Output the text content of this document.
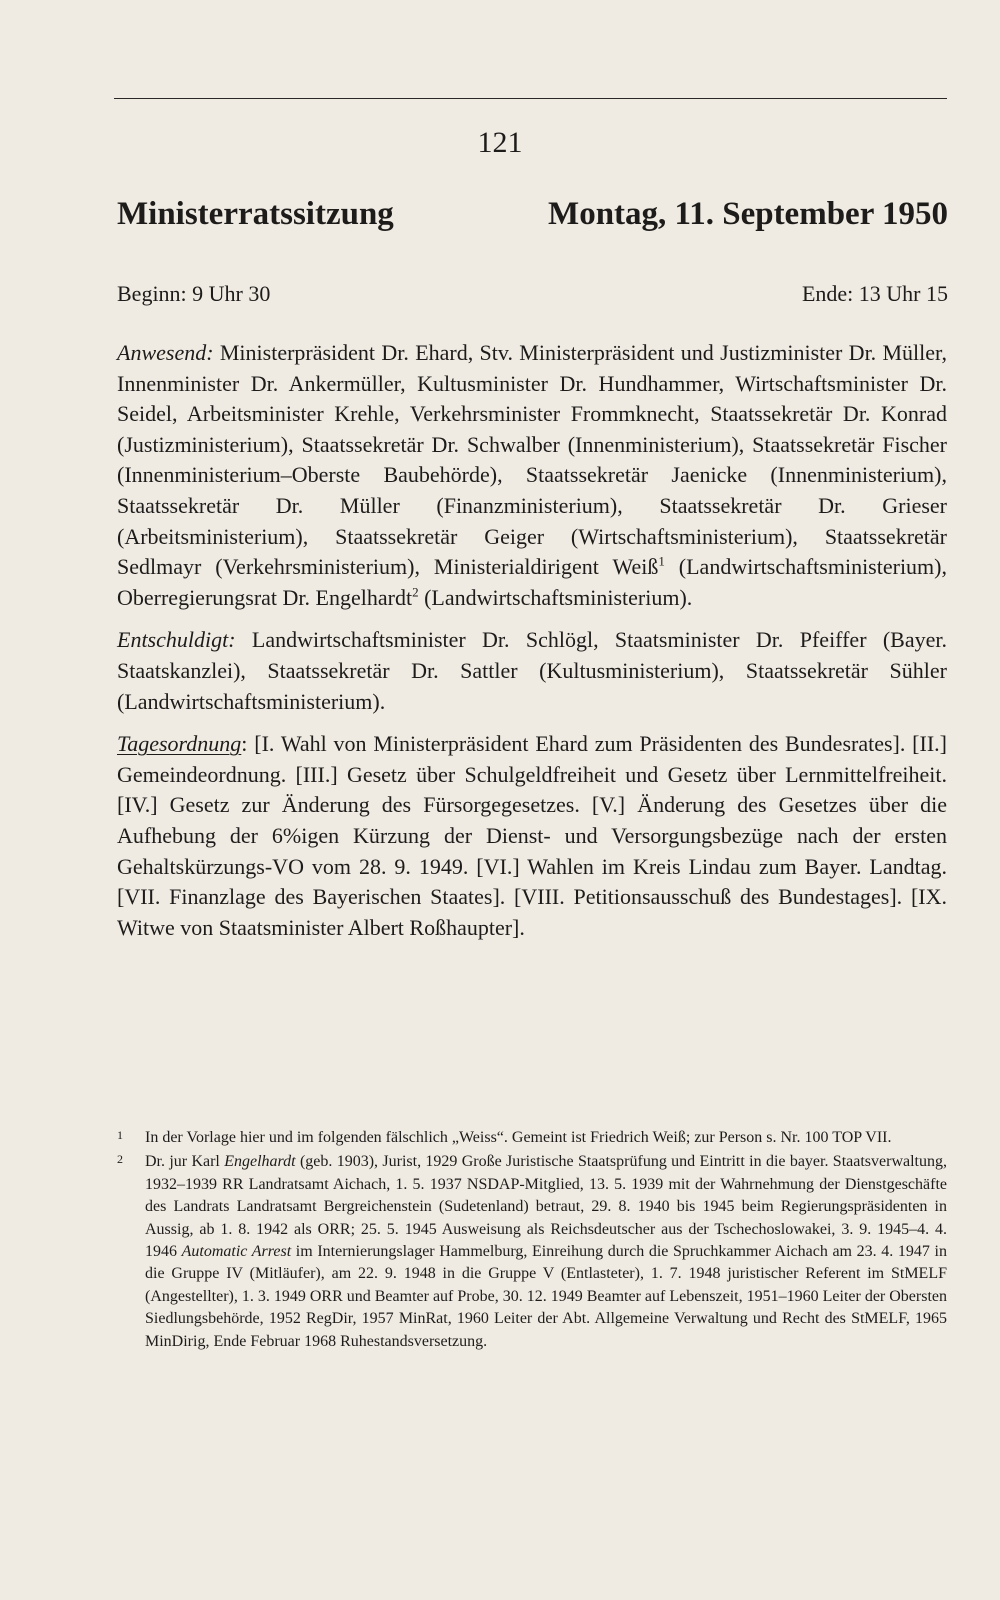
121
Ministerratssitzung	Montag, 11. September 1950
Beginn: 9 Uhr 30	Ende: 13 Uhr 15

Anwesend: Ministerpräsident Dr. Ehard, Stv. Ministerpräsident und Justizminister Dr. Müller, Innenminister Dr. Ankermüller, Kultusminister Dr. Hundhammer, Wirtschaftsminister Dr. Seidel, Arbeitsminister Krehle, Verkehrsminister Frommknecht, Staatssekretär Dr. Konrad (Justizministerium), Staatssekretär Dr. Schwalber (Innenministerium), Staatssekretär Fischer (Innenministerium–Oberste Baubehörde), Staatssekretär Jaenicke (Innenministerium), Staatssekretär Dr. Müller (Finanzministerium), Staatssekretär Dr. Grieser (Arbeitsministerium), Staatssekretär Geiger (Wirtschaftsministerium), Staatssekretär Sedlmayr (Verkehrsministerium), Ministerialdirigent Weiß$^1$ (Landwirtschaftsministerium), Oberregierungsrat Dr. Engelhardt$^2$ (Landwirtschaftsministerium).

Entschuldigt: Landwirtschaftsminister Dr. Schlögl, Staatsminister Dr. Pfeiffer (Bayer. Staatskanzlei), Staatssekretär Dr. Sattler (Kultusministerium), Staatssekretär Sühler (Landwirtschaftsministerium).

Tagesordnung: [I. Wahl von Ministerpräsident Ehard zum Präsidenten des Bundesrates]. [II.] Gemeindeordnung. [III.] Gesetz über Schulgeldfreiheit und Gesetz über Lernmittelfreiheit. [IV.] Gesetz zur Änderung des Fürsorgegesetzes. [V.] Änderung des Gesetzes über die Aufhebung der 6%igen Kürzung der Dienst- und Versorgungsbezüge nach der ersten Gehaltskürzungs-VO vom 28. 9. 1949. [VI.] Wahlen im Kreis Lindau zum Bayer. Landtag. [VII. Finanzlage des Bayerischen Staates]. [VIII. Petitionsausschuß des Bundestages]. [IX. Witwe von Staatsminister Albert Roßhaupter].

1 In der Vorlage hier und im folgenden fälschlich „Weiss“. Gemeint ist Friedrich Weiß; zur Person s. Nr. 100 TOP VII.
2 Dr. jur Karl Engelhardt (geb. 1903), Jurist, 1929 Große Juristische Staatsprüfung und Eintritt in die bayer. Staatsverwaltung, 1932–1939 RR Landratsamt Aichach, 1. 5. 1937 NSDAP-Mitglied, 13. 5. 1939 mit der Wahrnehmung der Dienstgeschäfte des Landrats Landratsamt Bergreichenstein (Sudetenland) betraut, 29. 8. 1940 bis 1945 beim Regierungspräsidenten in Aussig, ab 1. 8. 1942 als ORR; 25. 5. 1945 Ausweisung als Reichsdeutscher aus der Tschechoslowakei, 3. 9. 1945–4. 4. 1946 Automatic Arrest im Internierungslager Hammelburg, Einreihung durch die Spruchkammer Aichach am 23. 4. 1947 in die Gruppe IV (Mitläufer), am 22. 9. 1948 in die Gruppe V (Entlasteter), 1. 7. 1948 juristischer Referent im StMELF (Angestellter), 1. 3. 1949 ORR und Beamter auf Probe, 30. 12. 1949 Beamter auf Lebenszeit, 1951–1960 Leiter der Obersten Siedlungsbehörde, 1952 RegDir, 1957 MinRat, 1960 Leiter der Abt. Allgemeine Verwaltung und Recht des StMELF, 1965 MinDirig, Ende Februar 1968 Ruhestandsversetzung.
